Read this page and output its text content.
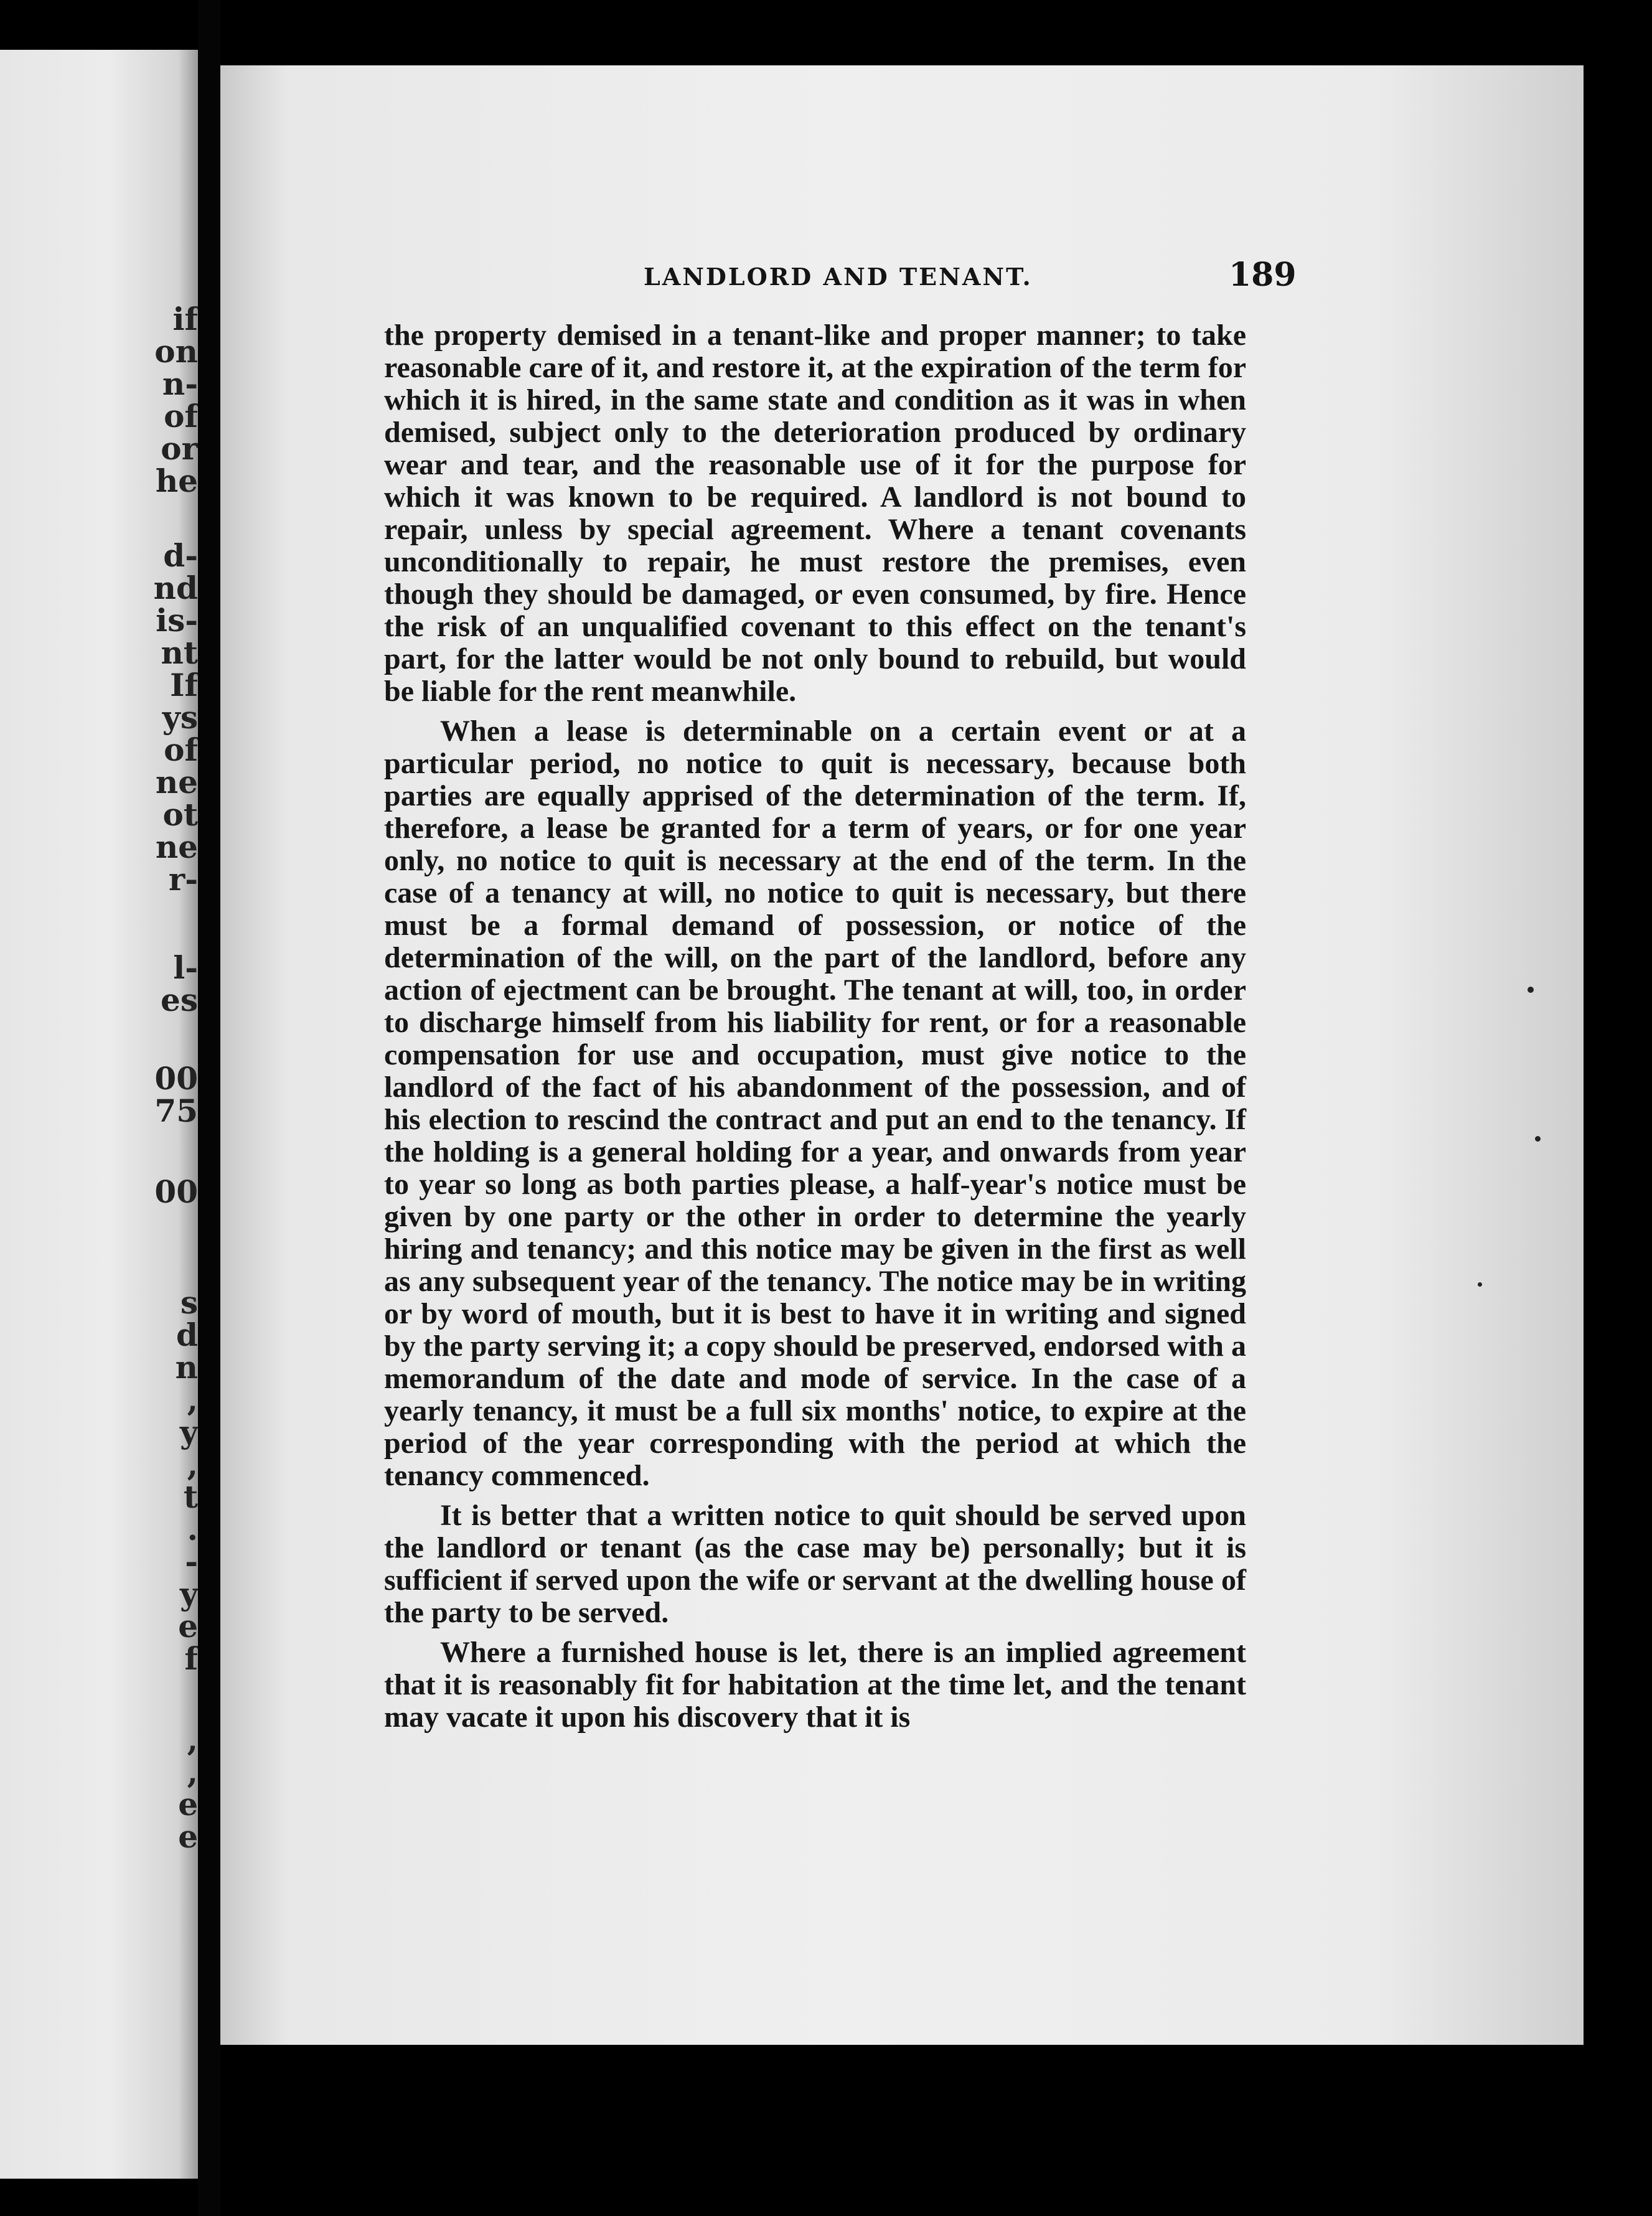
if
on
n-
of
or
he
d-
nd
is-
nt
If
ys
of
ne
ot
ne
r-
l-
es
00
75
00
s
d
n
,
y
,
t
.
-
y
e
f
,
,
e
e
LANDLORD AND TENANT.	189

the property demised in a tenant-like and proper manner; to take reasonable care of it, and restore it, at the expiration of the term for which it is hired, in the same state and condition as it was in when demised, subject only to the deterioration produced by ordinary wear and tear, and the reasonable use of it for the purpose for which it was known to be required. A landlord is not bound to repair, unless by special agreement. Where a tenant covenants unconditionally to repair, he must restore the premises, even though they should be damaged, or even consumed, by fire. Hence the risk of an unqualified covenant to this effect on the tenant's part, for the latter would be not only bound to rebuild, but would be liable for the rent meanwhile.

When a lease is determinable on a certain event or at a particular period, no notice to quit is necessary, because both parties are equally apprised of the determination of the term. If, therefore, a lease be granted for a term of years, or for one year only, no notice to quit is necessary at the end of the term. In the case of a tenancy at will, no notice to quit is necessary, but there must be a formal demand of possession, or notice of the determination of the will, on the part of the landlord, before any action of ejectment can be brought. The tenant at will, too, in order to discharge himself from his liability for rent, or for a reasonable compensation for use and occupation, must give notice to the landlord of the fact of his abandonment of the possession, and of his election to rescind the contract and put an end to the tenancy. If the holding is a general holding for a year, and onwards from year to year so long as both parties please, a half-year's notice must be given by one party or the other in order to determine the yearly hiring and tenancy; and this notice may be given in the first as well as any subsequent year of the tenancy. The notice may be in writing or by word of mouth, but it is best to have it in writing and signed by the party serving it; a copy should be preserved, endorsed with a memorandum of the date and mode of service. In the case of a yearly tenancy, it must be a full six months' notice, to expire at the period of the year corresponding with the period at which the tenancy commenced.

It is better that a written notice to quit should be served upon the landlord or tenant (as the case may be) personally; but it is sufficient if served upon the wife or servant at the dwelling house of the party to be served.

Where a furnished house is let, there is an implied agreement that it is reasonably fit for habitation at the time let, and the tenant may vacate it upon his discovery that it is
